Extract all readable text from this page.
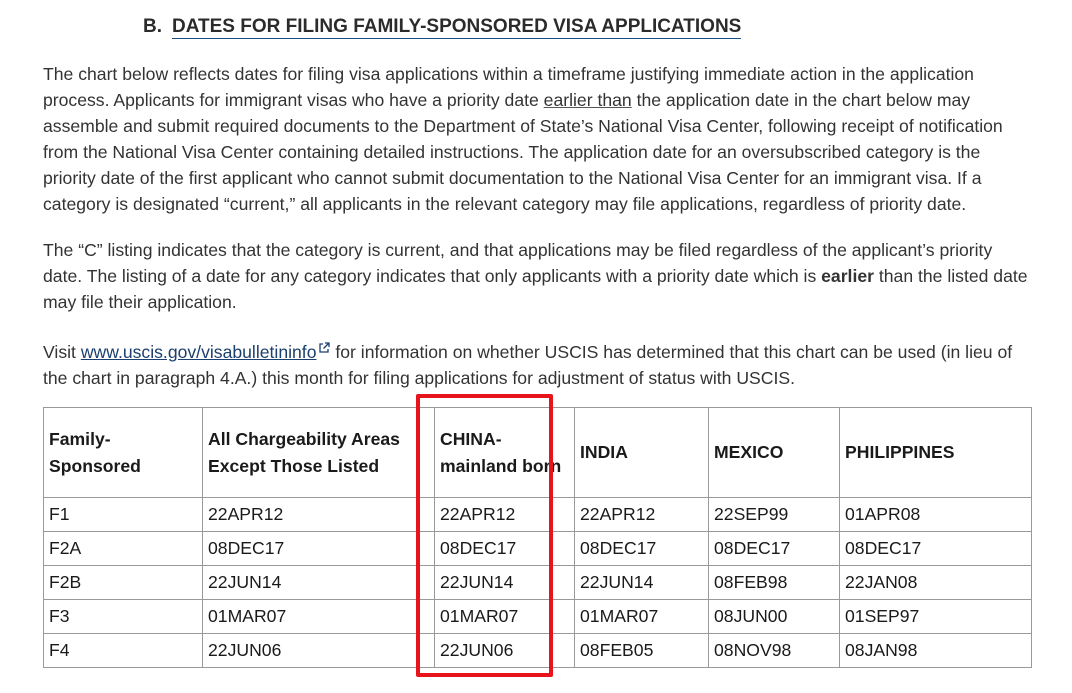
B. DATES FOR FILING FAMILY-SPONSORED VISA APPLICATIONS

The chart below reflects dates for filing visa applications within a timeframe justifying immediate action in the application process. Applicants for immigrant visas who have a priority date earlier than the application date in the chart below may assemble and submit required documents to the Department of State’s National Visa Center, following receipt of notification from the National Visa Center containing detailed instructions. The application date for an oversubscribed category is the priority date of the first applicant who cannot submit documentation to the National Visa Center for an immigrant visa. If a category is designated “current,” all applicants in the relevant category may file applications, regardless of priority date.

The “C” listing indicates that the category is current, and that applications may be filed regardless of the applicant’s priority date. The listing of a date for any category indicates that only applicants with a priority date which is earlier than the listed date may file their application.

Visit www.uscis.gov/visabulletininfo for information on whether USCIS has determined that this chart can be used (in lieu of the chart in paragraph 4.A.) this month for filing applications for adjustment of status with USCIS.

Family-Sponsored	All Chargeability Areas Except Those Listed	CHINA-mainland born	INDIA	MEXICO	PHILIPPINES
F1	22APR12	22APR12	22APR12	22SEP99	01APR08
F2A	08DEC17	08DEC17	08DEC17	08DEC17	08DEC17
F2B	22JUN14	22JUN14	22JUN14	08FEB98	22JAN08
F3	01MAR07	01MAR07	01MAR07	08JUN00	01SEP97
F4	22JUN06	22JUN06	08FEB05	08NOV98	08JAN98
